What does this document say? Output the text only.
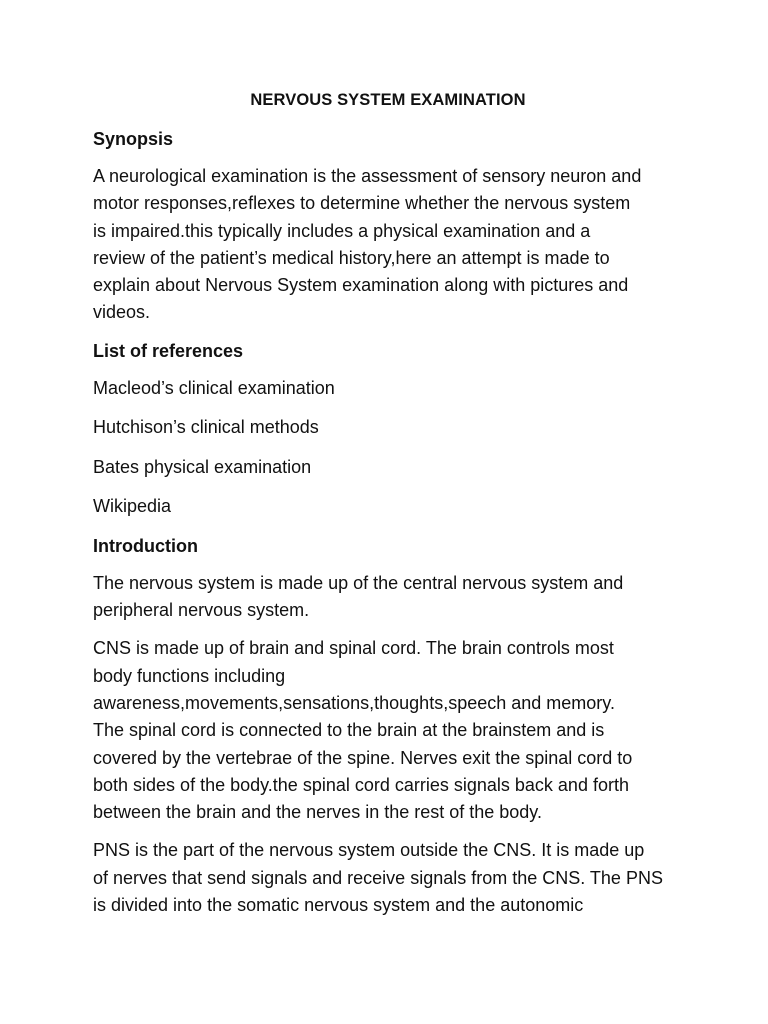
NERVOUS SYSTEM EXAMINATION
Synopsis
A neurological examination is the assessment of sensory neuron and
motor responses,reflexes to determine whether the nervous system
is impaired.this typically includes a physical examination and a
review of the patient’s medical history,here an attempt is made to
explain about Nervous System examination along with pictures and
videos.
List of references
Macleod’s clinical examination
Hutchison’s clinical methods
Bates physical examination
Wikipedia
Introduction
The nervous system is made up of the central nervous system and
peripheral nervous system.
CNS is made up of brain and spinal cord. The brain controls most
body functions including
awareness,movements,sensations,thoughts,speech and memory.
The spinal cord is connected to the brain at the brainstem and is
covered by the vertebrae of the spine. Nerves exit the spinal cord to
both sides of the body.the spinal cord carries signals back and forth
between the brain and the nerves in the rest of the body.
PNS is the part of the nervous system outside the CNS. It is made up
of nerves that send signals and receive signals from the CNS. The PNS
is divided into the somatic nervous system and the autonomic
